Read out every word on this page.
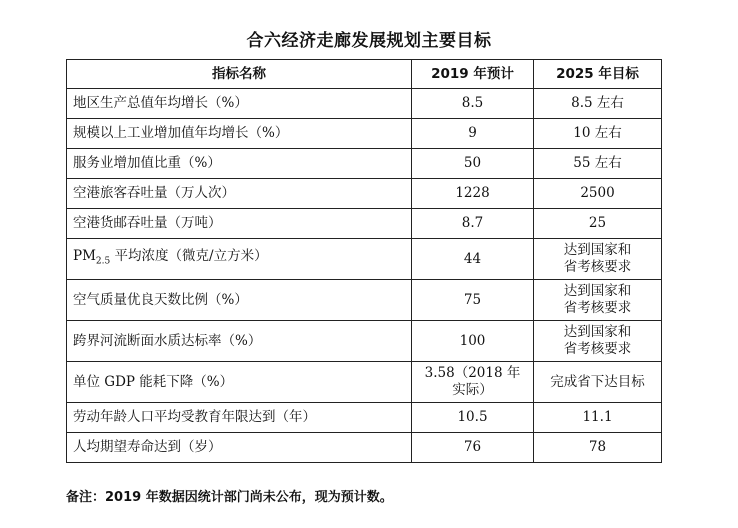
合六经济走廊发展规划主要目标
指标名称	2019 年预计	2025 年目标
地区生产总值年均增长（%）	8.5	8.5 左右
规模以上工业增加值年均增长（%）	9	10 左右
服务业增加值比重（%）	50	55 左右
空港旅客吞吐量（万人次）	1228	2500
空港货邮吞吐量（万吨）	8.7	25
$PM_{2.5}$ 平均浓度（微克/立方米）	44	达到国家和
省考核要求

空气质量优良天数比例（%）	75	达到国家和
省考核要求

跨界河流断面水质达标率（%）	100	达到国家和
省考核要求

单位 GDP 能耗下降（%）	3.58（2018 年
实际）	完成省下达目标
劳动年龄人口平均受教育年限达到（年）	10.5	11.1
人均期望寿命达到（岁）	76	78
备注：2019 年数据因统计部门尚未公布，现为预计数。
